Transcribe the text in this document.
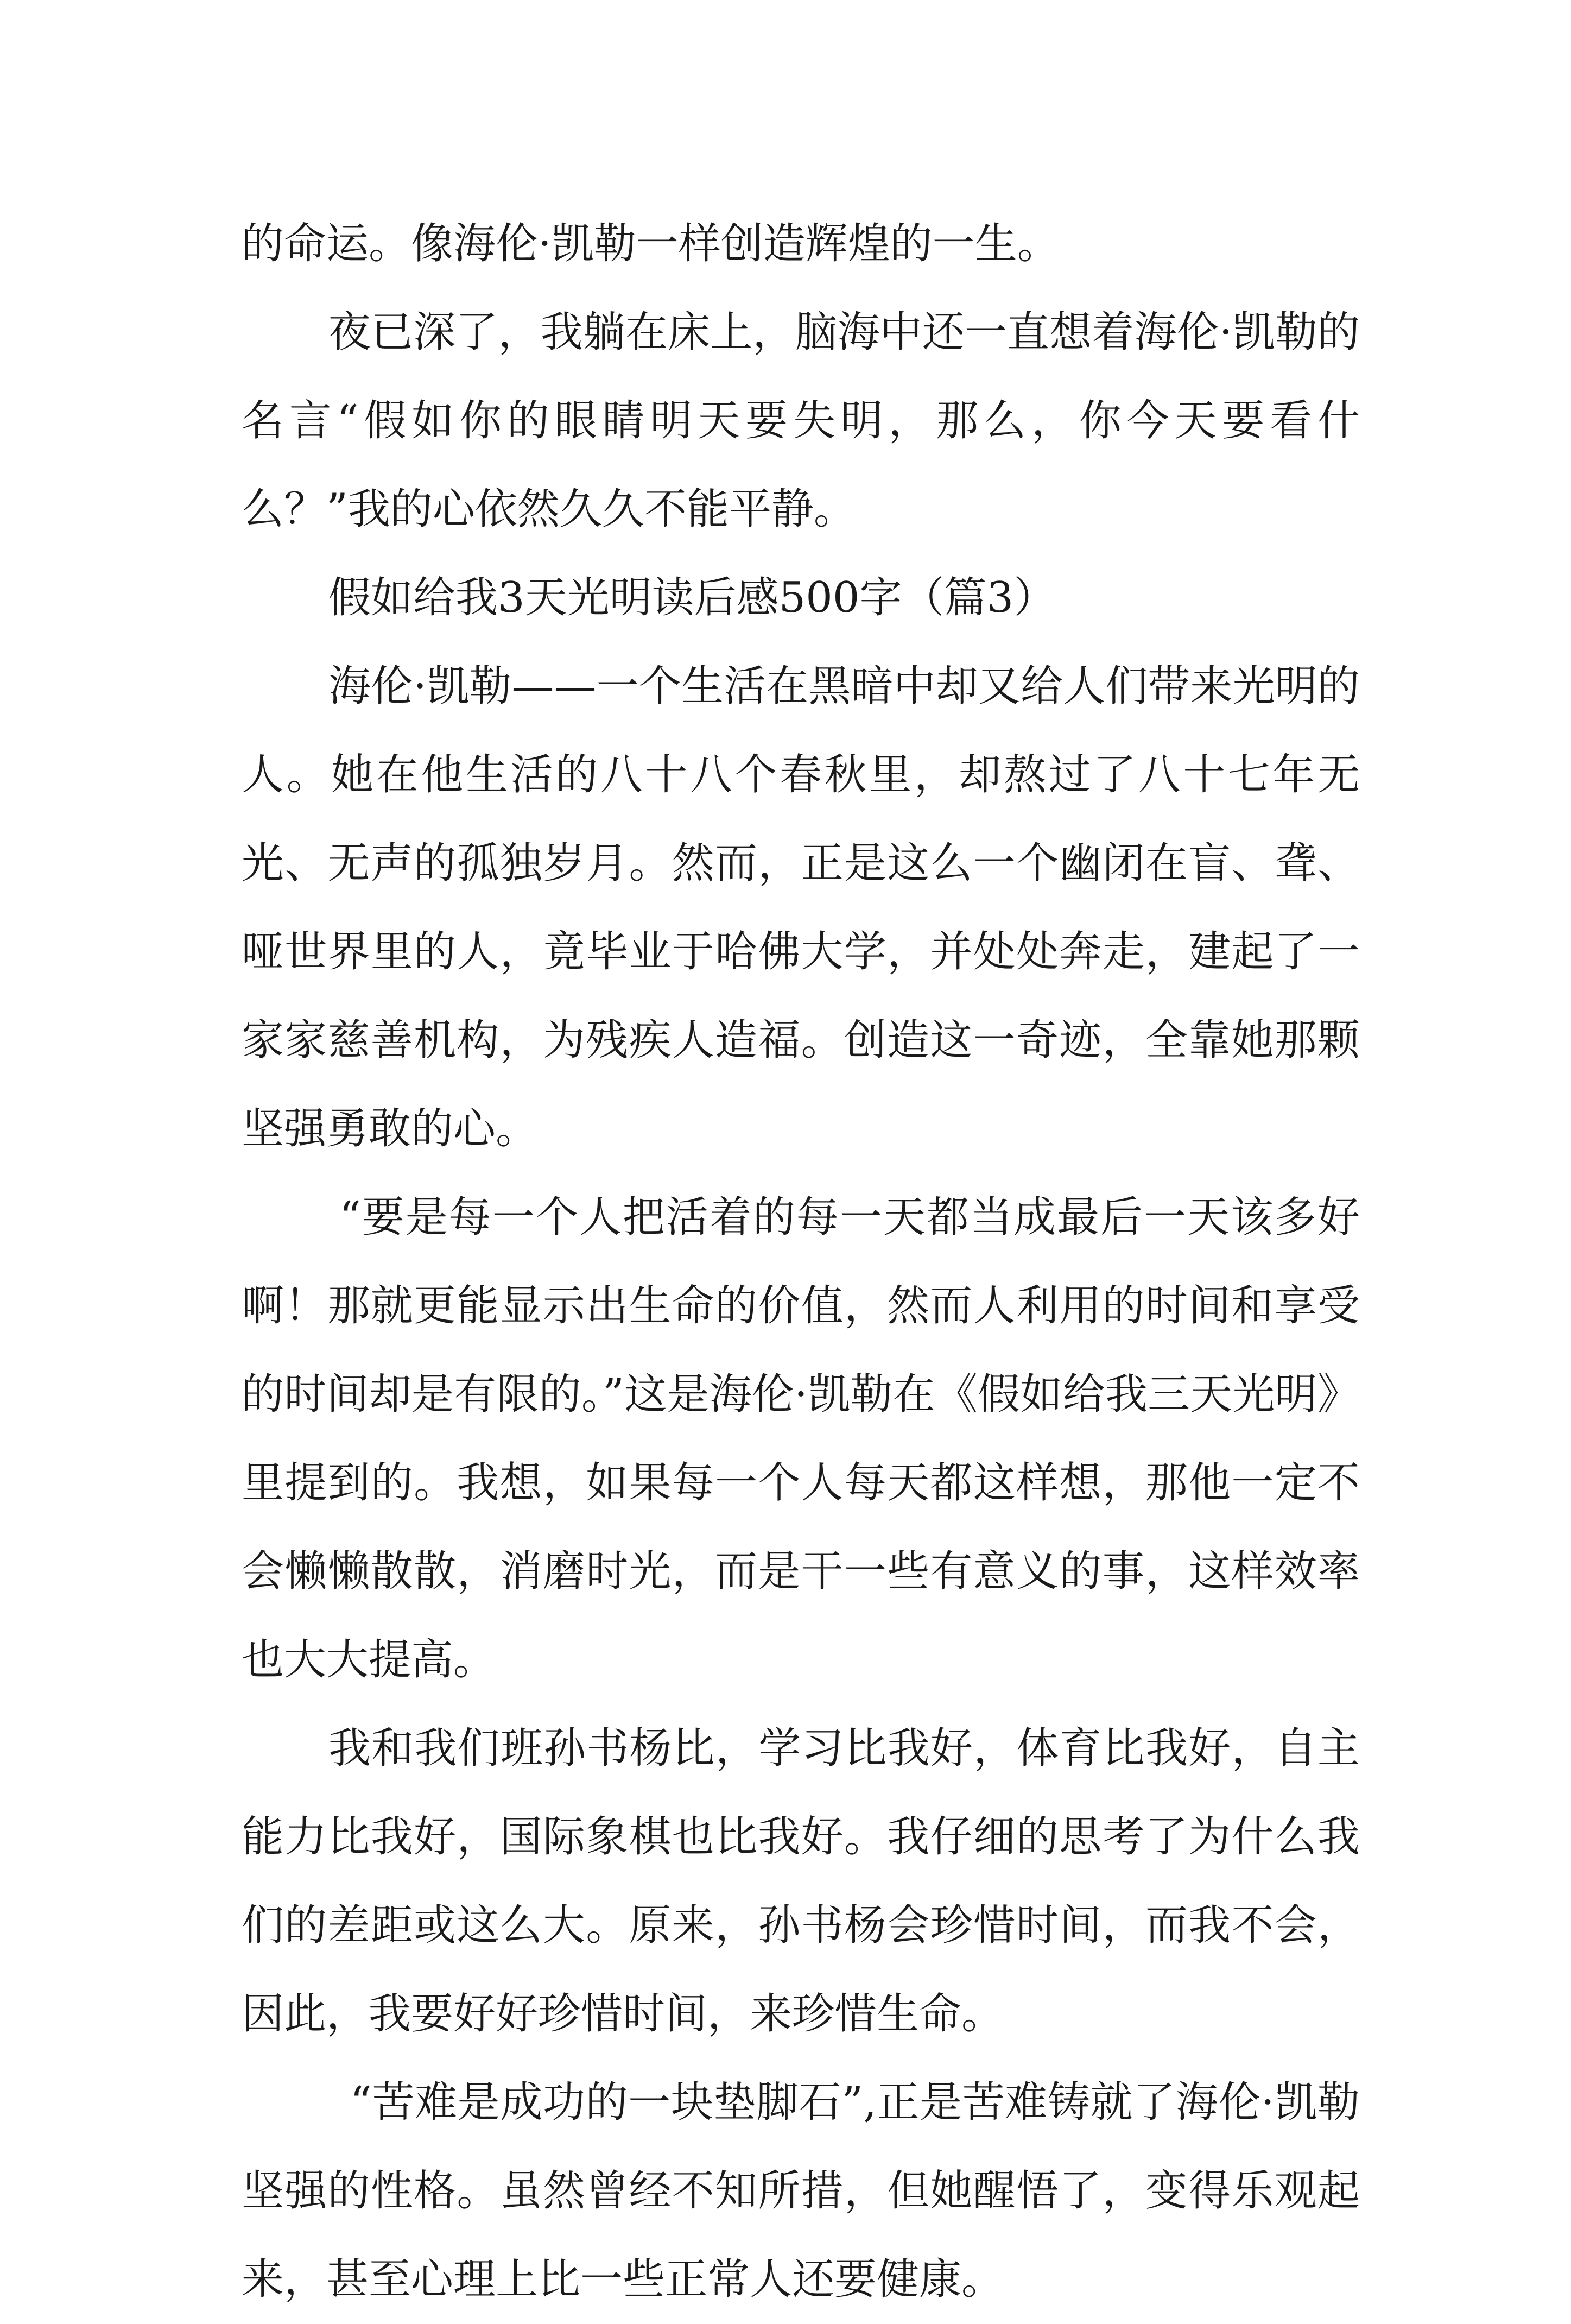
的命运。像海伦·凯勒一样创造辉煌的一生。

夜已深了，我躺在床上，脑海中还一直想着海伦·凯勒的名言“假如你的眼睛明天要失明，那么，你今天要看什么？”我的心依然久久不能平静。

假如给我3天光明读后感500字（篇3）

海伦·凯勒——一个生活在黑暗中却又给人们带来光明的人。她在他生活的八十八个春秋里，却熬过了八十七年无光、无声的孤独岁月。然而，正是这么一个幽闭在盲、聋、哑世界里的人，竟毕业于哈佛大学，并处处奔走，建起了一家家慈善机构，为残疾人造福。创造这一奇迹，全靠她那颗坚强勇敢的心。

“要是每一个人把活着的每一天都当成最后一天该多好啊！那就更能显示出生命的价值，然而人利用的时间和享受的时间却是有限的。”这是海伦·凯勒在《假如给我三天光明》里提到的。我想，如果每一个人每天都这样想，那他一定不会懒懒散散，消磨时光，而是干一些有意义的事，这样效率也大大提高。

我和我们班孙书杨比，学习比我好，体育比我好，自主能力比我好，国际象棋也比我好。我仔细的思考了为什么我们的差距或这么大。原来，孙书杨会珍惜时间，而我不会，因此，我要好好珍惜时间，来珍惜生命。

“苦难是成功的一块垫脚石”,正是苦难铸就了海伦·凯勒坚强的性格。虽然曾经不知所措，但她醒悟了，变得乐观起来，甚至心理上比一些正常人还要健康。
